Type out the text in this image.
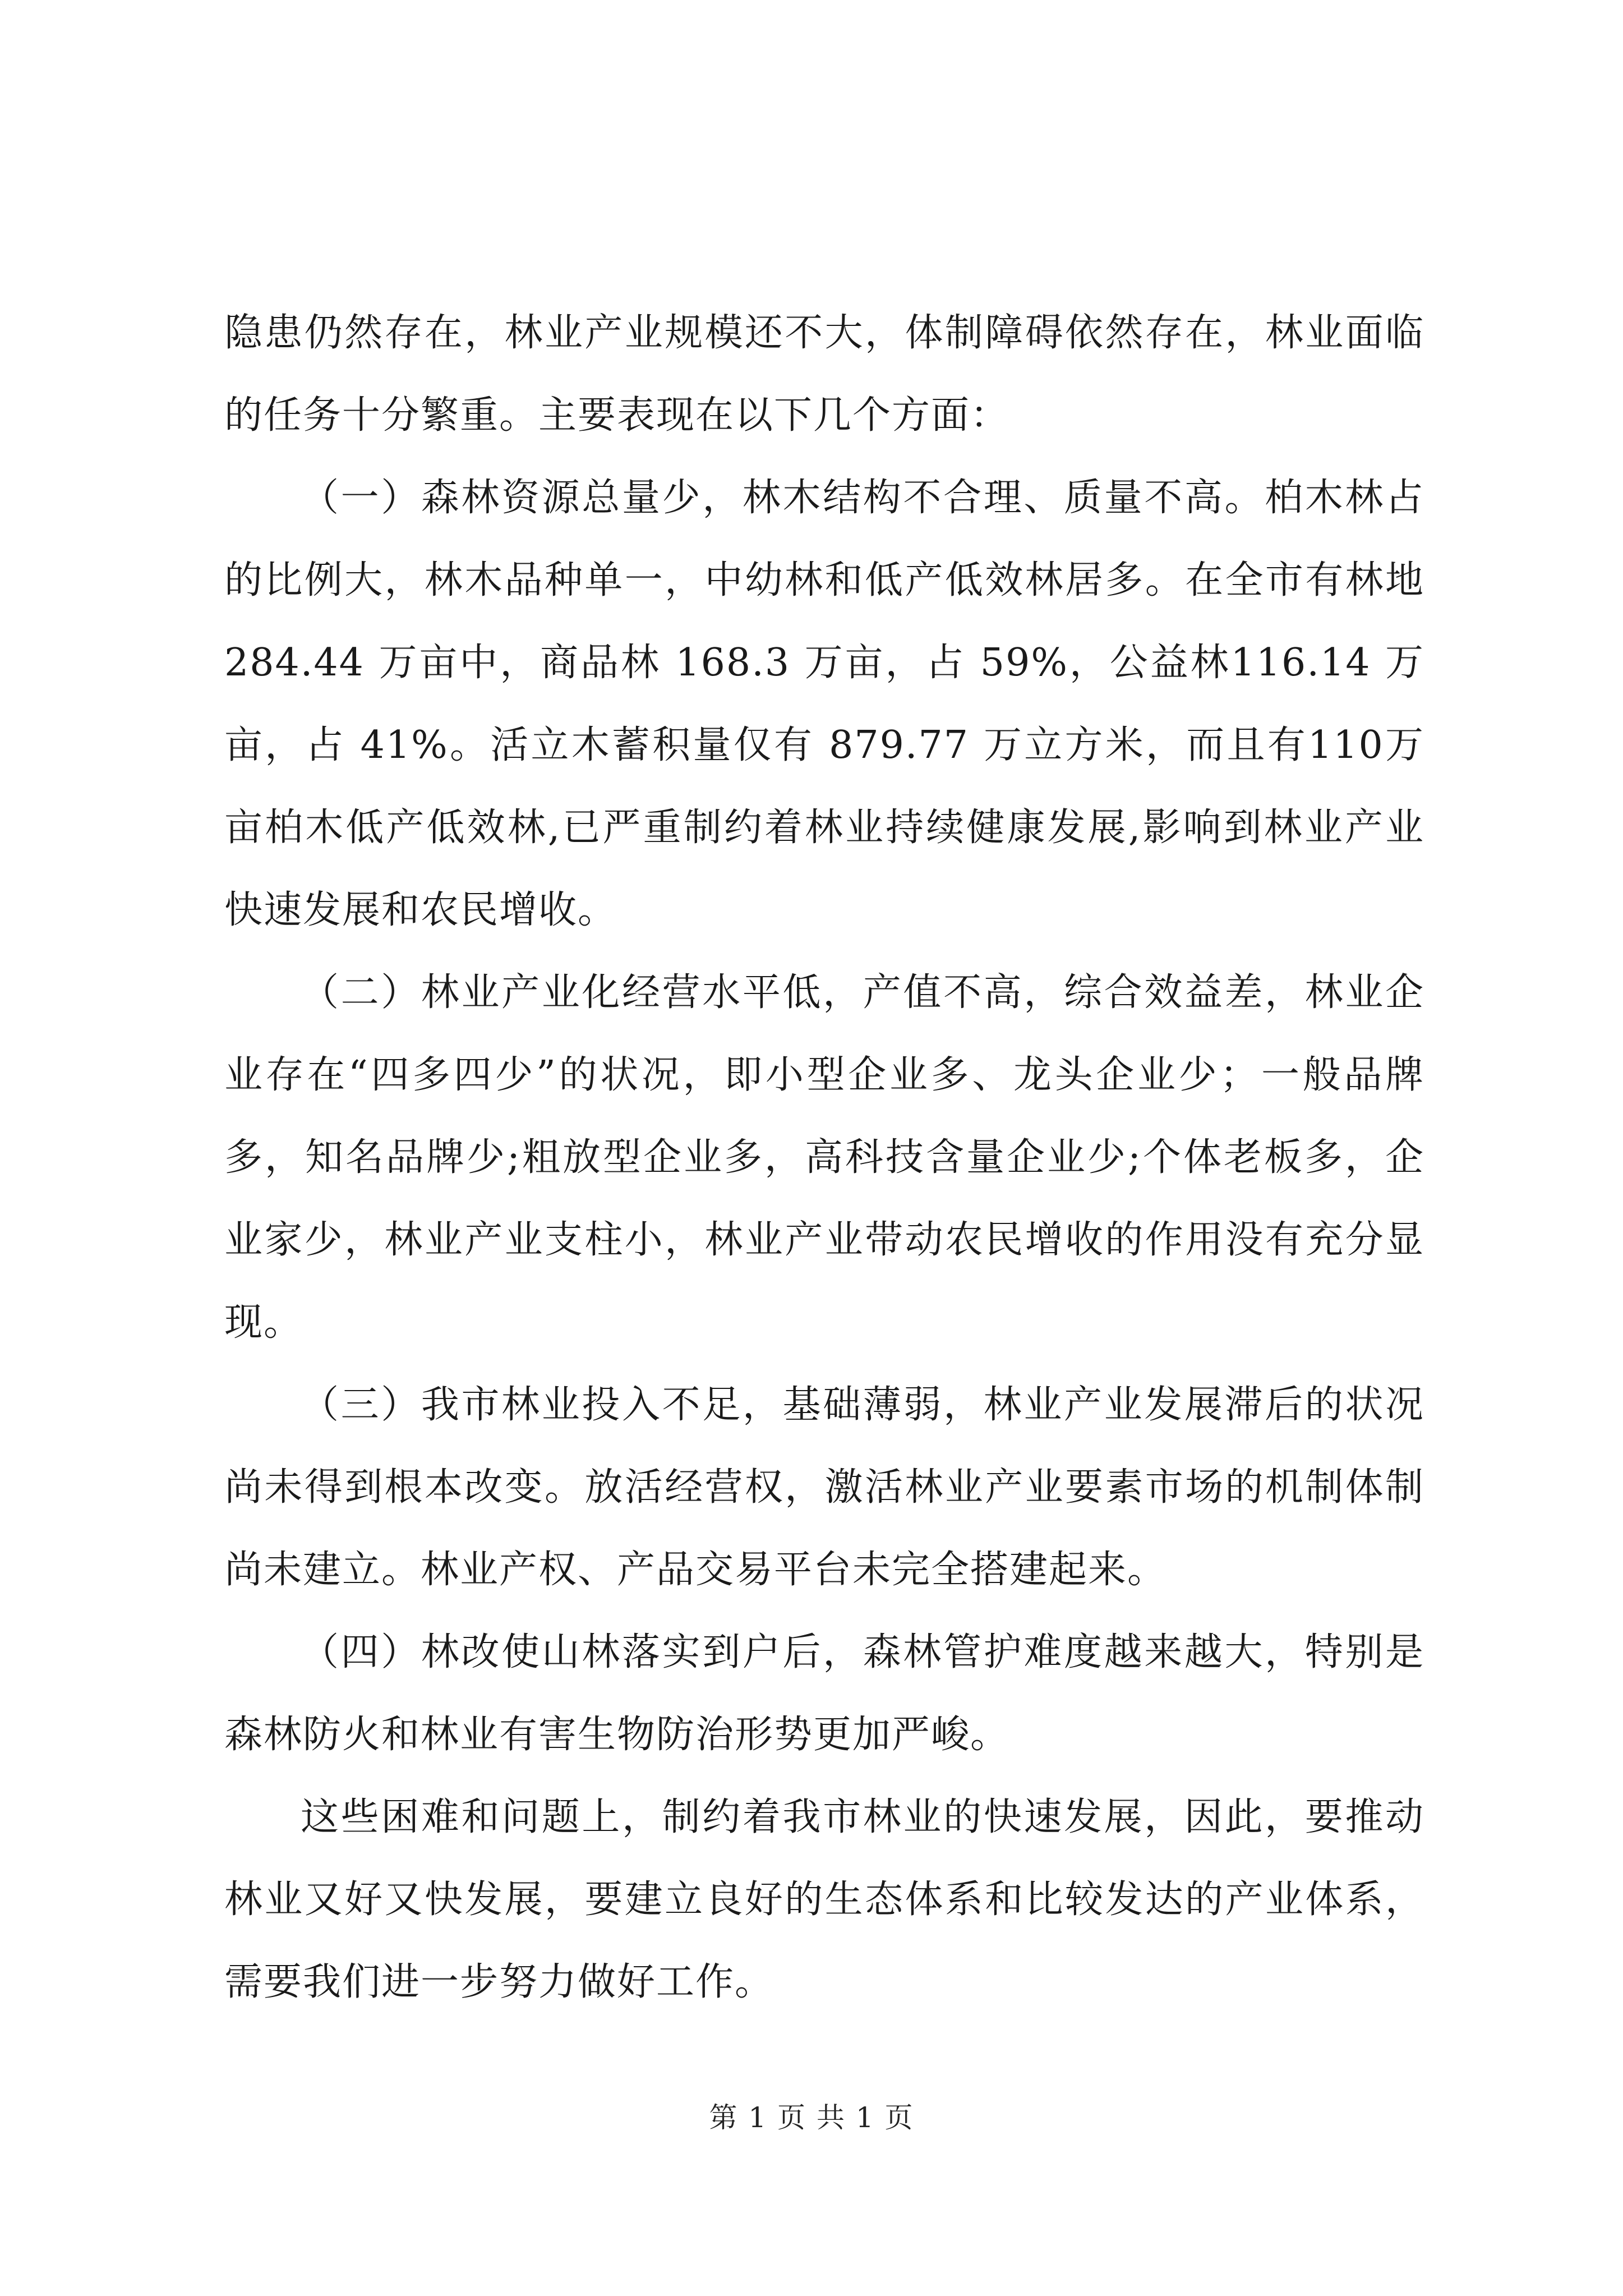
隐患仍然存在，林业产业规模还不大，体制障碍依然存在，林业面临的任务十分繁重。主要表现在以下几个方面：

（一）森林资源总量少，林木结构不合理、质量不高。柏木林占的比例大，林木品种单一，中幼林和低产低效林居多。在全市有林地 284.44 万亩中，商品林 168.3 万亩，占 59%，公益林116.14 万亩，占 41%。活立木蓄积量仅有 879.77 万立方米，而且有110万亩柏木低产低效林,已严重制约着林业持续健康发展,影响到林业产业快速发展和农民增收。

（二）林业产业化经营水平低，产值不高，综合效益差，林业企业存在“四多四少”的状况，即小型企业多、龙头企业少；一般品牌多，知名品牌少;粗放型企业多，高科技含量企业少;个体老板多，企业家少，林业产业支柱小，林业产业带动农民增收的作用没有充分显现。

（三）我市林业投入不足，基础薄弱，林业产业发展滞后的状况尚未得到根本改变。放活经营权，激活林业产业要素市场的机制体制尚未建立。林业产权、产品交易平台未完全搭建起来。

（四）林改使山林落实到户后，森林管护难度越来越大，特别是森林防火和林业有害生物防治形势更加严峻。

这些困难和问题上，制约着我市林业的快速发展，因此，要推动林业又好又快发展，要建立良好的生态体系和比较发达的产业体系，需要我们进一步努力做好工作。

第 1 页 共 1 页
